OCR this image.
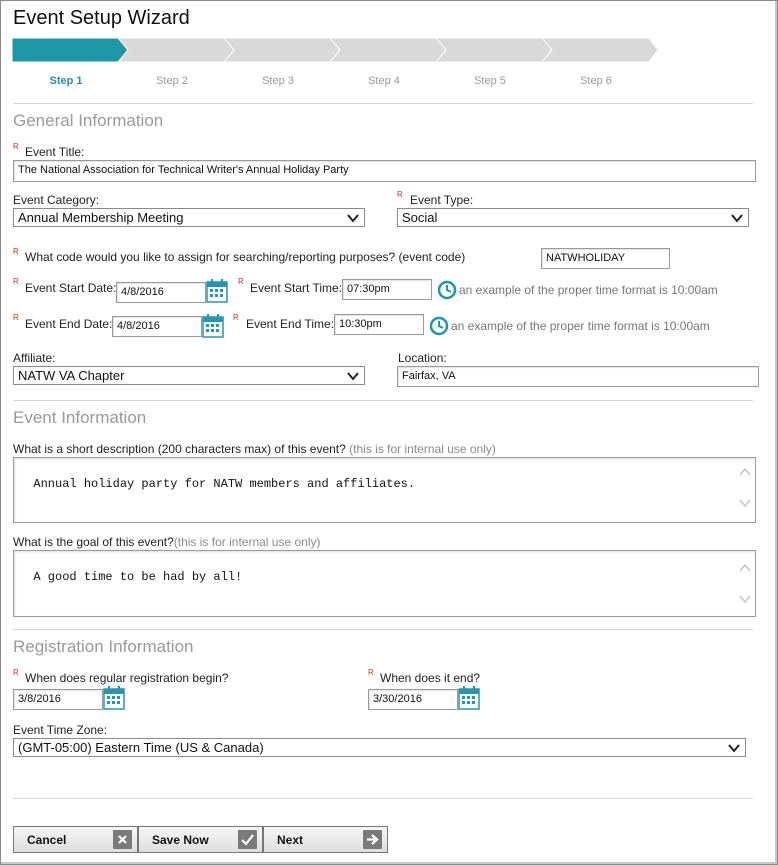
Event Setup Wizard
Step 1	Step 2	Step 3	Step 4	Step 5	Step 6
General Information
R Event Title:
The National Association for Technical Writer's Annual Holiday Party
Event Category:
Annual Membership Meeting
R Event Type:
Social
R What code would you like to assign for searching/reporting purposes? (event code)	NATWHOLIDAY
R Event Start Date: 4/8/2016
R Event Start Time: 07:30pm	an example of the proper time format is 10:00am
R Event End Date: 4/8/2016
R Event End Time: 10:30pm	an example of the proper time format is 10:00am
Affiliate:
NATW VA Chapter
Location:
Fairfax, VA
Event Information
What is a short description (200 characters max) of this event? (this is for internal use only)

Annual holiday party for NATW members and affiliates.

What is the goal of this event?(this is for internal use only)

A good time to be had by all!

Registration Information
R When does regular registration begin?
3/8/2016
R When does it end?
3/30/2016
Event Time Zone:
(GMT-05:00) Eastern Time (US & Canada)
Cancel	Save Now	Next
